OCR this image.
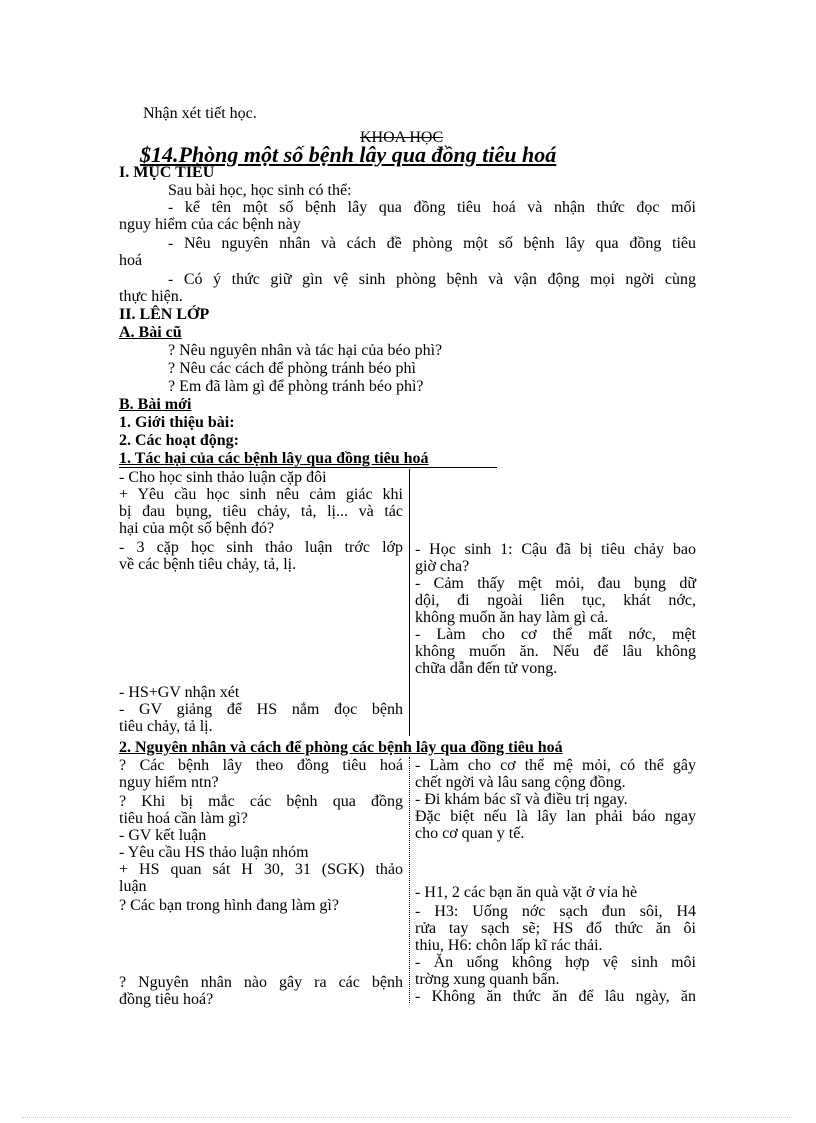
Nhận xét tiết học.
KHOA HỌC
$14.Phòng một số bệnh lây qua đồng tiêu hoá
I. MỤC TIÊU
Sau bài học, học sinh có thể:
- kể tên một số bệnh lây qua đồng tiêu hoá và nhận thức đọc mối
nguy hiểm của các bệnh này
- Nêu nguyên nhân và cách đề phòng một số bệnh lây qua đồng tiêu
hoá
- Có ý thức giữ gìn vệ sinh phòng bệnh và vận động mọi ngời cùng
thực hiện.
II. LÊN LỚP
A. Bài cũ
? Nêu nguyên nhân và tác hại của béo phì?
? Nêu các cách để phòng tránh béo phì
? Em đã làm gì để phòng tránh béo phì?
B. Bài mới
1. Giới thiệu bài:
2. Các hoạt động:
1. Tác hại của các bệnh lây qua đồng tiêu hoá
- Cho học sinh thảo luận cặp đôi
+ Yêu cầu học sinh nêu cảm giác khi
bị đau bụng, tiêu chảy, tả, lị... và tác
hại của một số bệnh đó?
- 3 cặp học sinh thảo luận trớc lớp
về các bệnh tiêu chảy, tả, lị.
- HS+GV nhận xét
- GV giảng để HS nắm đọc bệnh
tiêu chảy, tả lị.
- Học sinh 1: Cậu đã bị tiêu chảy bao
giờ cha?
- Cảm thấy mệt mỏi, đau bụng dữ
dội, đi ngoài liên tục, khát nớc,
không muốn ăn hay làm gì cả.
- Làm cho cơ thể mất nớc, mệt
không muốn ăn. Nếu để lâu không
chữa dẫn đến tử vong.
2. Nguyên nhân và cách để phòng các bệnh lây qua đồng tiêu hoá
? Các bệnh lây theo đồng tiêu hoá
nguy hiểm ntn?
? Khi bị mắc các bệnh qua đồng
tiêu hoá cần làm gì?
- GV kết luận
- Yêu cầu HS thảo luận nhóm
+ HS quan sát H 30, 31 (SGK) thảo
luận
? Các bạn trong hình đang làm gì?
? Nguyên nhân nào gây ra các bệnh
đồng tiêu hoá?
- Làm cho cơ thể mệ mỏi, có thể gây
chết ngời và lâu sang cộng đồng.
- Đi khám bác sĩ và điều trị ngay.
Đặc biệt nếu là lây lan phải báo ngay
cho cơ quan y tế.
- H1, 2 các bạn ăn quà vặt ở vỉa hè
- H3: Uống nớc sạch đun sôi, H4
rửa tay sạch sẽ; HS đổ thức ăn ôi
thiu, H6: chôn lấp kĩ rác thải.
- Ăn uống không hợp vệ sinh môi
trờng xung quanh bẩn.
- Không ăn thức ăn để lâu ngày, ăn
